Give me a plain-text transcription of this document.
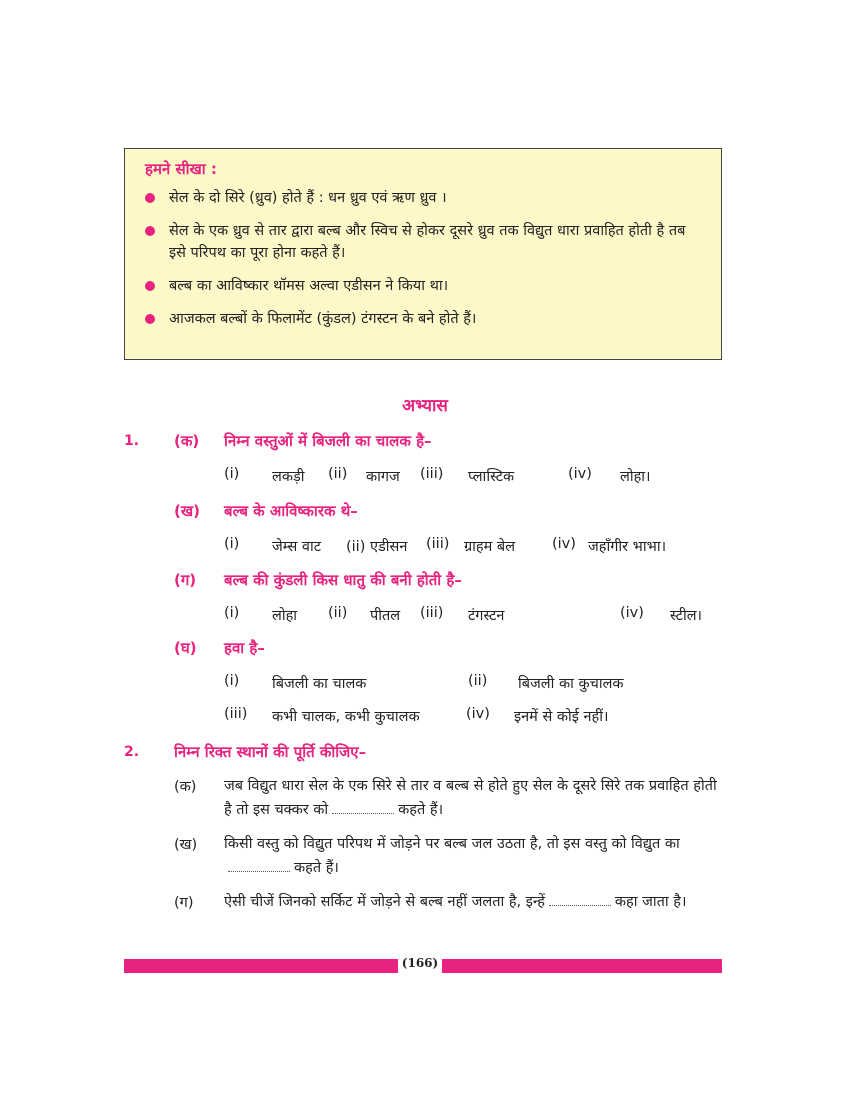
हमने सीखा :
सेल के दो सिरे (ध्रुव) होते हैं : धन ध्रुव एवं ऋण ध्रुव ।
सेल के एक ध्रुव से तार द्वारा बल्ब और स्विच से होकर दूसरे ध्रुव तक विद्युत धारा प्रवाहित होती है तब इसे परिपथ का पूरा होना कहते हैं।
बल्ब का आविष्कार थॉमस अल्वा एडीसन ने किया था।
आजकल बल्बों के फिलामेंट (कुंडल) टंगस्टन के बने होते हैं।
अभ्यास
1. (क) निम्न वस्तुओं में बिजली का चालक है–
(i) लकड़ी (ii) कागज (iii) प्लास्टिक	(iv) लोहा।
(ख) बल्ब के आविष्कारक थे–
(i) जेम्स वाट (ii) एडीसन (iii) ग्राहम बेल	(iv) जहाँगीर भाभा।
(ग) बल्ब की कुंडली किस धातु की बनी होती है–
(i) लोहा (ii) पीतल (iii) टंगस्टन	(iv) स्टील।
(घ) हवा है–
(i) बिजली का चालक	(ii) बिजली का कुचालक
(iii) कभी चालक, कभी कुचालक	(iv) इनमें से कोई नहीं।
2. निम्न रिक्त स्थानों की पूर्ति कीजिए–
(क) जब विद्युत धारा सेल के एक सिरे से तार व बल्ब से होते हुए सेल के दूसरे सिरे तक प्रवाहित होती है तो इस चक्कर को	कहते हैं।
(ख) किसी वस्तु को विद्युत परिपथ में जोड़ने पर बल्ब जल उठता है, तो इस वस्तु को विद्युत काकहते हैं।
(ग) ऐसी चीजें जिनको सर्किट में जोड़ने से बल्ब नहीं जलता है, इन्हें	कहा जाता है।
(166)
